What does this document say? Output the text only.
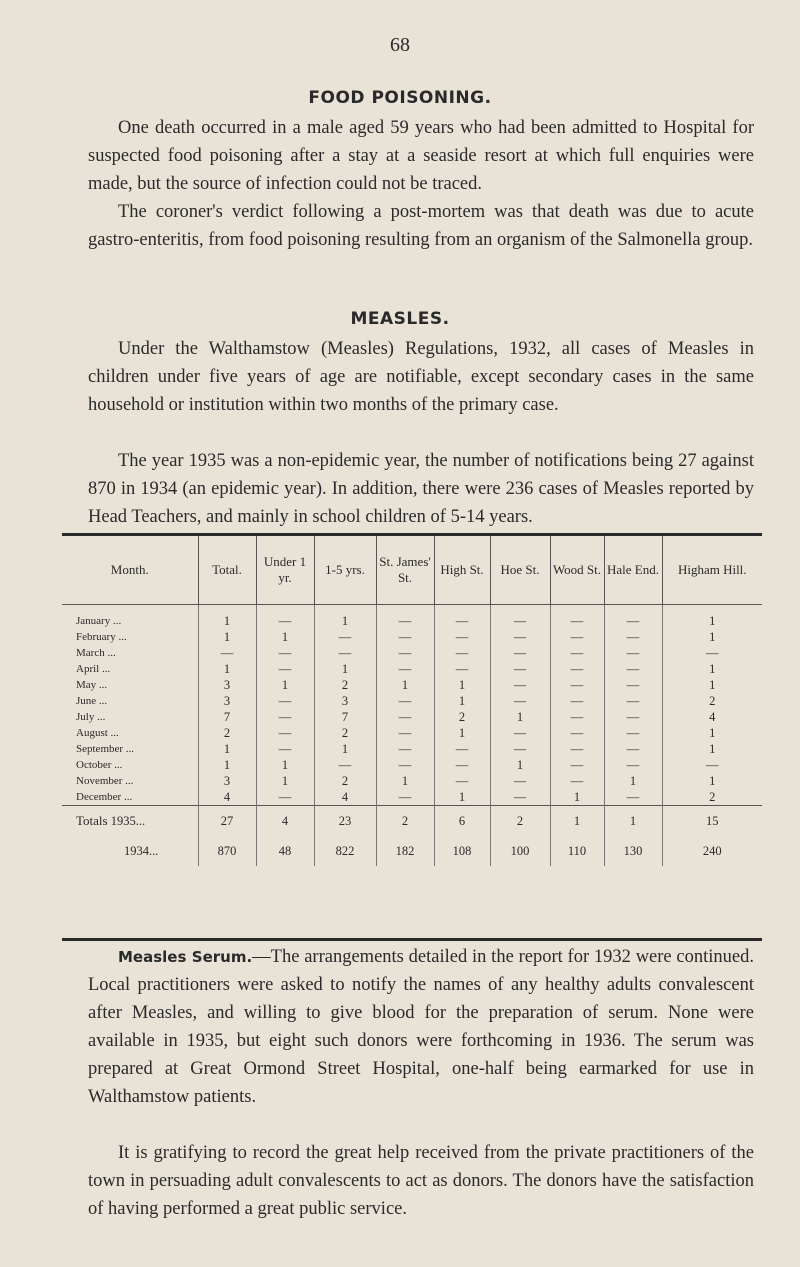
68
FOOD POISONING.

One death occurred in a male aged 59 years who had been admitted to Hospital for suspected food poisoning after a stay at a seaside resort at which full enquiries were made, but the source of infection could not be traced.

The coroner's verdict following a post-mortem was that death was due to acute gastro-enteritis, from food poisoning resulting from an organism of the Salmonella group.

MEASLES.

Under the Walthamstow (Measles) Regulations, 1932, all cases of Measles in children under five years of age are notifiable, except secondary cases in the same household or institution within two months of the primary case.

The year 1935 was a non-epidemic year, the number of notifications being 27 against 870 in 1934 (an epidemic year). In addition, there were 236 cases of Measles reported by Head Teachers, and mainly in school children of 5-14 years.

Month.	Total.	Under 1 yr.	1-5 yrs.	St. James' St.	High St.	Hoe St.	Wood St.	Hale End.	Higham Hill.
January ...	1	—	1	—	—	—	—	—	1
February ...	1	1	—	—	—	—	—	—	1
March ...	—	—	—	—	—	—	—	—	—
April ...	1	—	1	—	—	—	—	—	1
May ...	3	1	2	1	1	—	—	—	1
June ...	3	—	3	—	1	—	—	—	2
July ...	7	—	7	—	2	1	—	—	4
August ...	2	—	2	—	1	—	—	—	1
September ...	1	—	1	—	—	—	—	—	1
October ...	1	1	—	—	—	1	—	—	—
November ...	3	1	2	1	—	—	—	1	1
December ...	4	—	4	—	1	—	1	—	2
Totals 1935...	27	4	23	2	6	2	1	1	15
1934...	870	48	822	182	108	100	110	130	240

Measles Serum.—The arrangements detailed in the report for 1932 were continued. Local practitioners were asked to notify the names of any healthy adults convalescent after Measles, and willing to give blood for the preparation of serum. None were available in 1935, but eight such donors were forthcoming in 1936. The serum was prepared at Great Ormond Street Hospital, one-half being earmarked for use in Walthamstow patients.

It is gratifying to record the great help received from the private practitioners of the town in persuading adult convalescents to act as donors. The donors have the satisfaction of having performed a great public service.
